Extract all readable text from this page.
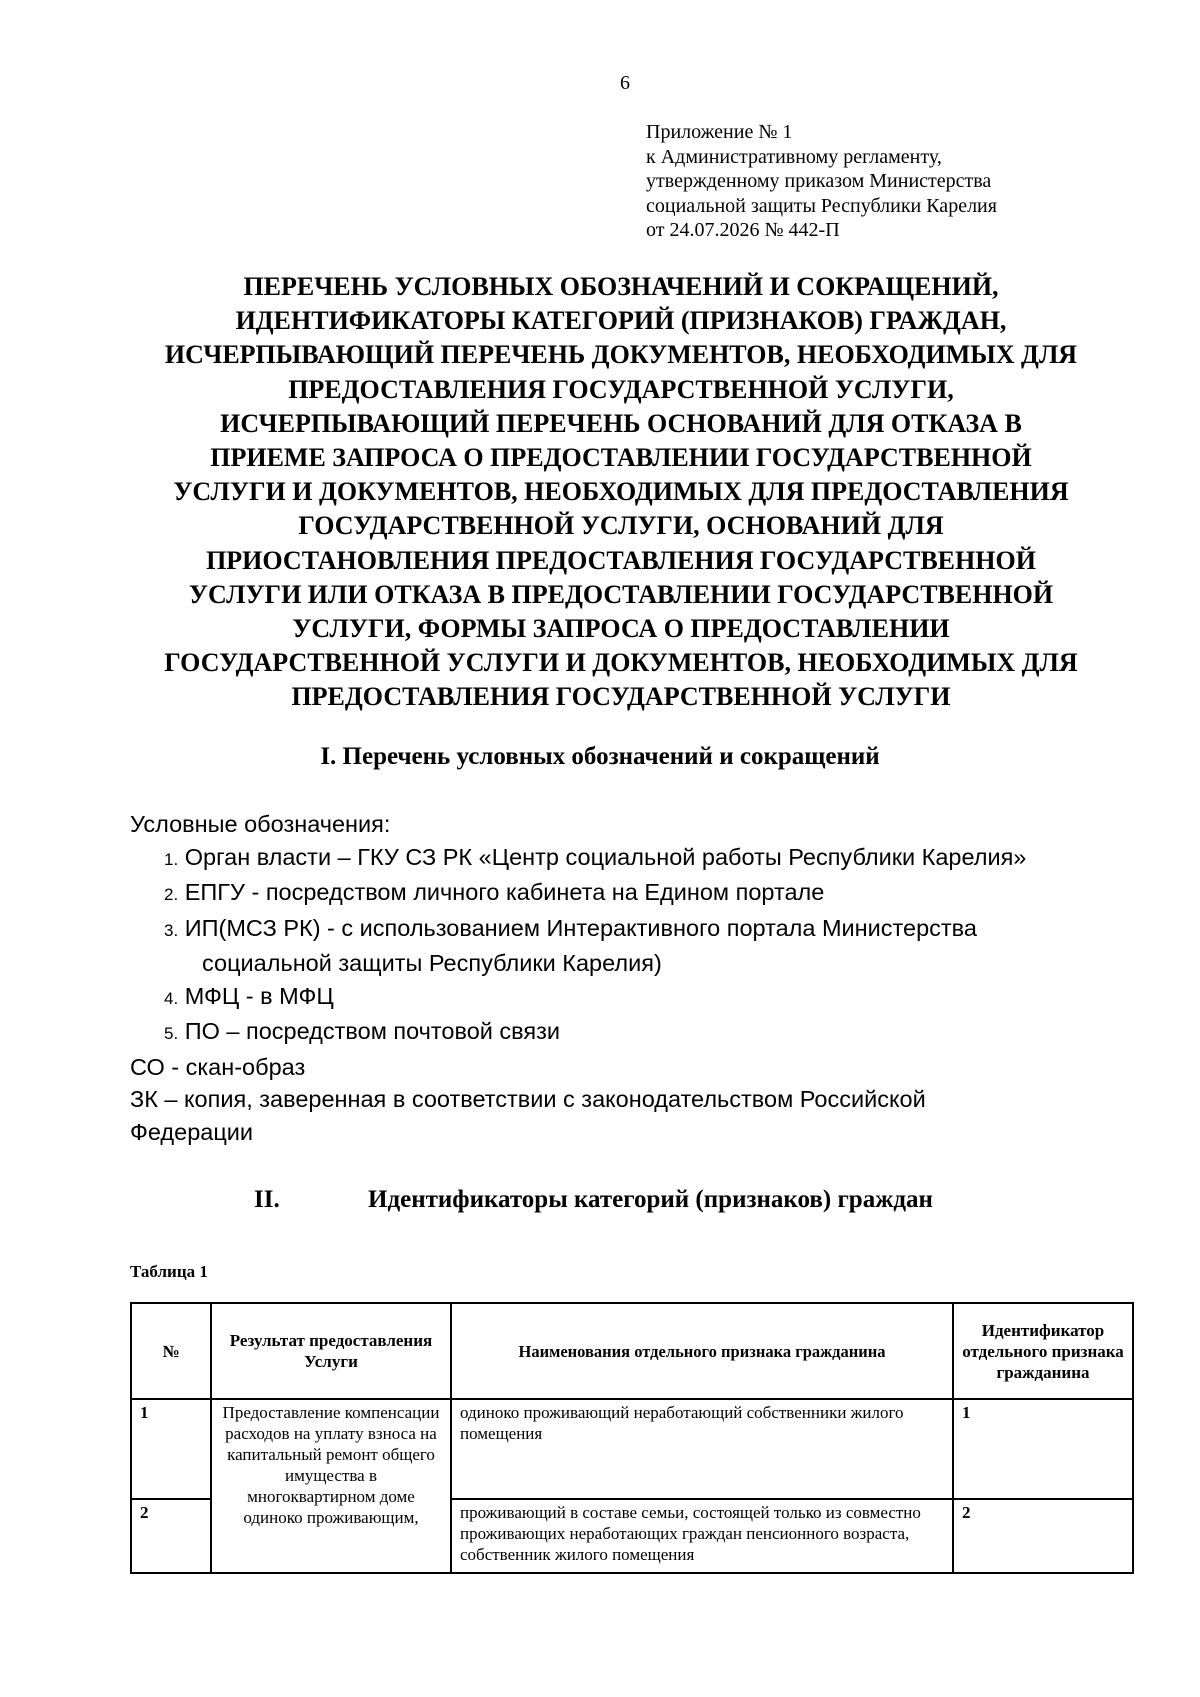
6
Приложение № 1
к Административному регламенту,
утвержденному приказом Министерства
социальной защиты Республики Карелия
от 24.07.2026 № 442-П
ПЕРЕЧЕНЬ УСЛОВНЫХ ОБОЗНАЧЕНИЙ И СОКРАЩЕНИЙ,
ИДЕНТИФИКАТОРЫ КАТЕГОРИЙ (ПРИЗНАКОВ) ГРАЖДАН,
ИСЧЕРПЫВАЮЩИЙ ПЕРЕЧЕНЬ ДОКУМЕНТОВ, НЕОБХОДИМЫХ ДЛЯ
ПРЕДОСТАВЛЕНИЯ ГОСУДАРСТВЕННОЙ УСЛУГИ,
ИСЧЕРПЫВАЮЩИЙ ПЕРЕЧЕНЬ ОСНОВАНИЙ ДЛЯ ОТКАЗА В
ПРИЕМЕ ЗАПРОСА О ПРЕДОСТАВЛЕНИИ ГОСУДАРСТВЕННОЙ
УСЛУГИ И ДОКУМЕНТОВ, НЕОБХОДИМЫХ ДЛЯ ПРЕДОСТАВЛЕНИЯ
ГОСУДАРСТВЕННОЙ УСЛУГИ, ОСНОВАНИЙ ДЛЯ
ПРИОСТАНОВЛЕНИЯ ПРЕДОСТАВЛЕНИЯ ГОСУДАРСТВЕННОЙ
УСЛУГИ ИЛИ ОТКАЗА В ПРЕДОСТАВЛЕНИИ ГОСУДАРСТВЕННОЙ
УСЛУГИ, ФОРМЫ ЗАПРОСА О ПРЕДОСТАВЛЕНИИ
ГОСУДАРСТВЕННОЙ УСЛУГИ И ДОКУМЕНТОВ, НЕОБХОДИМЫХ ДЛЯ
ПРЕДОСТАВЛЕНИЯ ГОСУДАРСТВЕННОЙ УСЛУГИ
I. Перечень условных обозначений и сокращений
Условные обозначения:
1. Орган власти – ГКУ СЗ РК «Центр социальной работы Республики Карелия»
2. ЕПГУ - посредством личного кабинета на Едином портале
3. ИП(МСЗ РК) - с использованием Интерактивного портала Министерства
социальной защиты Республики Карелия)
4. МФЦ - в МФЦ
5. ПО – посредством почтовой связи
СО - скан-образ
ЗК – копия, заверенная в соответствии с законодательством Российской
Федерации
II.	Идентификаторы категорий (признаков) граждан
Таблица 1
№	Результат предоставления Услуги	Наименования отдельного признака гражданина	Идентификатор отдельного признака гражданина
1	Предоставление компенсации расходов на уплату взноса на капитальный ремонт общего имущества в многоквартирном доме одиноко проживающим,	одиноко проживающий неработающий собственники жилого помещения	1
2		проживающий в составе семьи, состоящей только из совместно проживающих неработающих граждан пенсионного возраста, собственник жилого помещения	2
